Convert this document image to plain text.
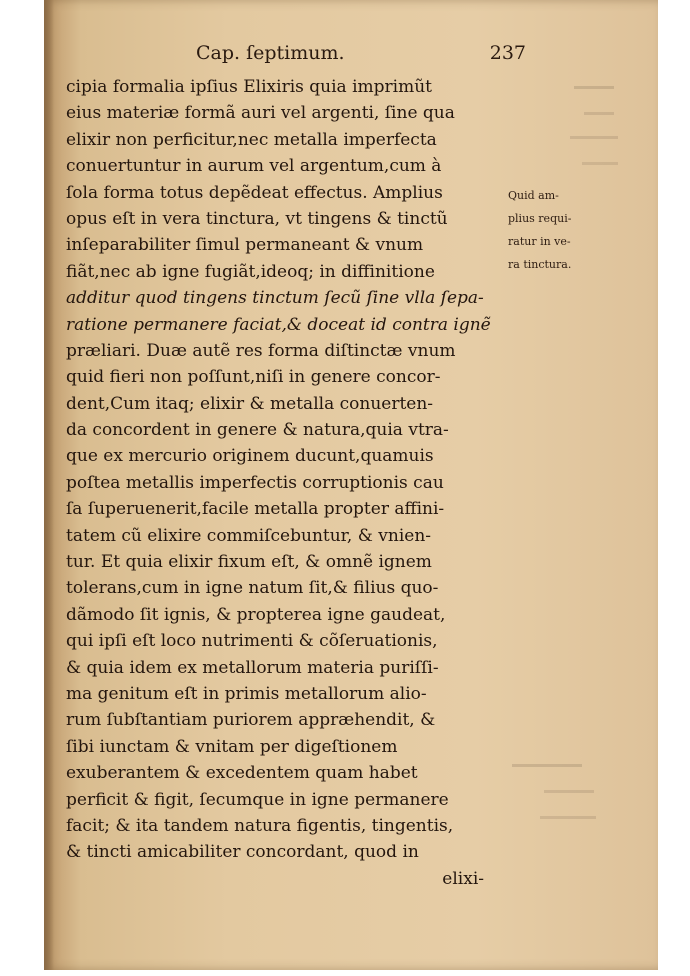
Cap. ſeptimum.	237
cipia formalia ipſius Elixiris quia imprimũt
eius materiæ formã auri vel argenti, ſine qua
elixir non perficitur,nec metalla imperfecta
conuertuntur in aurum vel argentum,cum à
ſola forma totus depẽdeat effectus. Amplius
opus eſt in vera tinctura, vt tingens & tinctũ
inſeparabiliter ſimul permaneant & vnum
fiãt,nec ab igne fugiãt,ideoq; in diffinitione
additur quod tingens tinctum ſecũ ſine vlla ſepa-
ratione permanere faciat,& doceat id contra ignẽ
præliari. Duæ autẽ res forma diſtinctæ vnum
quid fieri non poſſunt,niſi in genere concor-
dent,Cum itaq; elixir & metalla conuerten-
da concordent in genere & natura,quia vtra-
que ex mercurio originem ducunt,quamuis
poſtea metallis imperfectis corruptionis cau
ſa ſuperuenerit,facile metalla propter affini-
tatem cũ elixire commiſcebuntur, & vnien-
tur. Et quia elixir fixum eſt, & omnẽ ignem
tolerans,cum in igne natum ſit,& filius quo-
dãmodo ſit ignis, & propterea igne gaudeat,
qui ipſi eſt loco nutrimenti & cõſeruationis,
& quia idem ex metallorum materia puriſſi-
ma genitum eſt in primis metallorum alio-
rum ſubſtantiam puriorem appræhendit, &
ſibi iunctam & vnitam per digeſtionem
exuberantem & excedentem quam habet
perficit & figit, ſecumque in igne permanere
facit; & ita tandem natura figentis, tingentis,
& tincti amicabiliter concordant, quod in
elixi-
Quid am-
plius requi-
ratur in ve-
ra tinctura.
